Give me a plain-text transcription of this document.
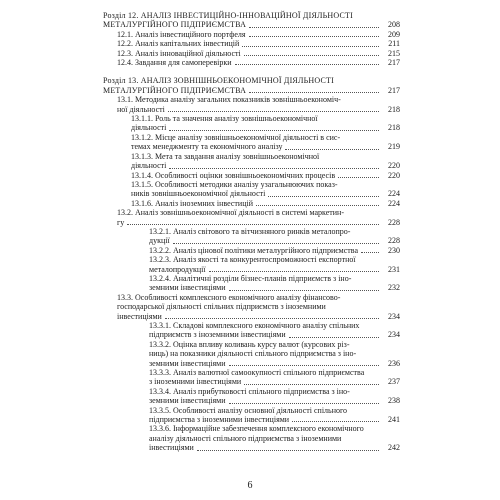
Розділ 12. АНАЛІЗ ІНВЕСТИЦІЙНО-ІННОВАЦІЙНОЇ ДІЯЛЬНОСТІ
МЕТАЛУРГІЙНОГО ПІДПРИЄМСТВА	208
12.1. Аналіз інвестиційного портфеля	209
12.2. Аналіз капітальних інвестицій	211
12.3. Аналіз інноваційної діяльності	215
12.4. Завдання для самоперевірки	217
Розділ 13. АНАЛІЗ ЗОВНІШНЬОЕКОНОМІЧНОЇ ДІЯЛЬНОСТІ
МЕТАЛУРГІЙНОГО ПІДПРИЄМСТВА	217
13.1. Методика аналізу загальних показників зовнішньоекономіч-
ної діяльності	218
13.1.1. Роль та значення аналізу зовнішньоекономічної
діяльності	218
13.1.2. Місце аналізу зовнішньоекономічної діяльності в сис-
темах менеджменту та економічного аналізу	219
13.1.3. Мета та завдання аналізу зовнішньоекономічної
діяльності	220
13.1.4. Особливості оцінки зовнішньоекономічних процесів	220
13.1.5. Особливості методики аналізу узагальнюючих показ-
ників зовнішньоекономічної діяльності	224
13.1.6. Аналіз іноземних інвестицій	224
13.2. Аналіз зовнішньоекономічної діяльності в системі маркетин-
гу	228
13.2.1. Аналіз світового та вітчизняного ринків металопро-
дукції	228
13.2.2. Аналіз цінової політики металургійного підприємства	230
13.2.3. Аналіз якості та конкурентоспроможності експортної
металопродукції	231
13.2.4. Аналітичні розділи бізнес-планів підприємств з іно-
земними інвестиціями	232
13.3. Особливості комплексного економічного аналізу фінансово-
господарської діяльності спільних підприємств з іноземними
інвестиціями	234
13.3.1. Складові комплексного економічного аналізу спільних
підприємств з іноземними інвестиціями	234
13.3.2. Оцінка впливу коливань курсу валют (курсових різ-
ниць) на показники діяльності спільного підприємства з іно-
земними інвестиціями	236
13.3.3. Аналіз валютної самоокупності спільного підприємства
з іноземними інвестиціями	237
13.3.4. Аналіз прибутковості спільного підприємства з іно-
земними інвестиціями	238
13.3.5. Особливості аналізу основної діяльності спільного
підприємства з іноземними інвестиціями	241
13.3.6. Інформаційне забезпечення комплексного економічного
аналізу діяльності спільного підприємства з іноземними
інвестиціями	242
6
